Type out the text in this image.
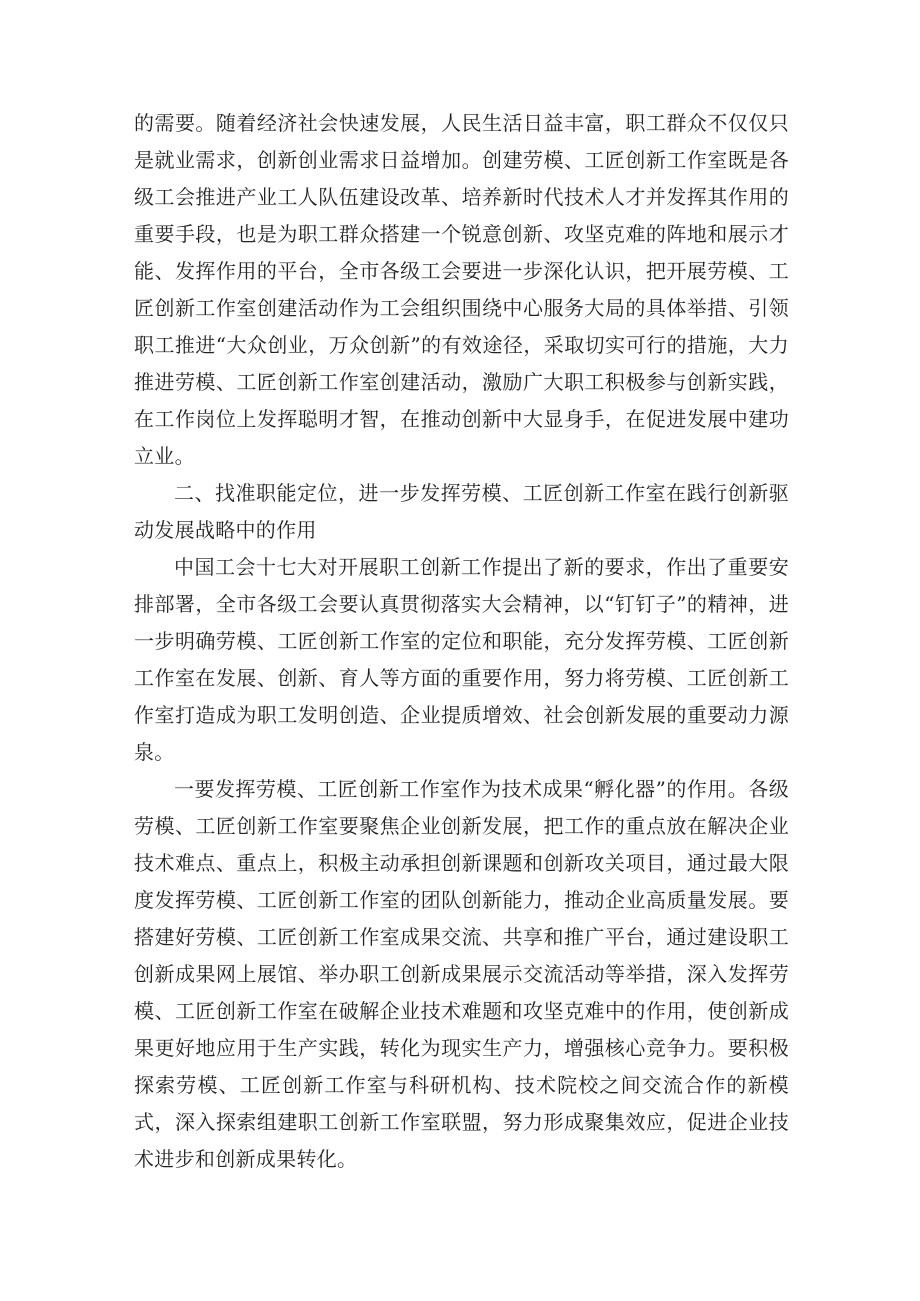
的需要。随着经济社会快速发展，人民生活日益丰富，职工群众不仅仅只是就业需求，创新创业需求日益增加。创建劳模、工匠创新工作室既是各级工会推进产业工人队伍建设改革、培养新时代技术人才并发挥其作用的重要手段，也是为职工群众搭建一个锐意创新、攻坚克难的阵地和展示才能、发挥作用的平台，全市各级工会要进一步深化认识，把开展劳模、工匠创新工作室创建活动作为工会组织围绕中心服务大局的具体举措、引领职工推进“大众创业，万众创新”的有效途径，采取切实可行的措施，大力推进劳模、工匠创新工作室创建活动，激励广大职工积极参与创新实践，在工作岗位上发挥聪明才智，在推动创新中大显身手，在促进发展中建功立业。

二、找准职能定位，进一步发挥劳模、工匠创新工作室在践行创新驱动发展战略中的作用

中国工会十七大对开展职工创新工作提出了新的要求，作出了重要安排部署，全市各级工会要认真贯彻落实大会精神，以“钉钉子”的精神，进一步明确劳模、工匠创新工作室的定位和职能，充分发挥劳模、工匠创新工作室在发展、创新、育人等方面的重要作用，努力将劳模、工匠创新工作室打造成为职工发明创造、企业提质增效、社会创新发展的重要动力源泉。

一要发挥劳模、工匠创新工作室作为技术成果“孵化器”的作用。各级劳模、工匠创新工作室要聚焦企业创新发展，把工作的重点放在解决企业技术难点、重点上，积极主动承担创新课题和创新攻关项目，通过最大限度发挥劳模、工匠创新工作室的团队创新能力，推动企业高质量发展。要搭建好劳模、工匠创新工作室成果交流、共享和推广平台，通过建设职工创新成果网上展馆、举办职工创新成果展示交流活动等举措，深入发挥劳模、工匠创新工作室在破解企业技术难题和攻坚克难中的作用，使创新成果更好地应用于生产实践，转化为现实生产力，增强核心竞争力。要积极探索劳模、工匠创新工作室与科研机构、技术院校之间交流合作的新模式，深入探索组建职工创新工作室联盟，努力形成聚集效应，促进企业技术进步和创新成果转化。
